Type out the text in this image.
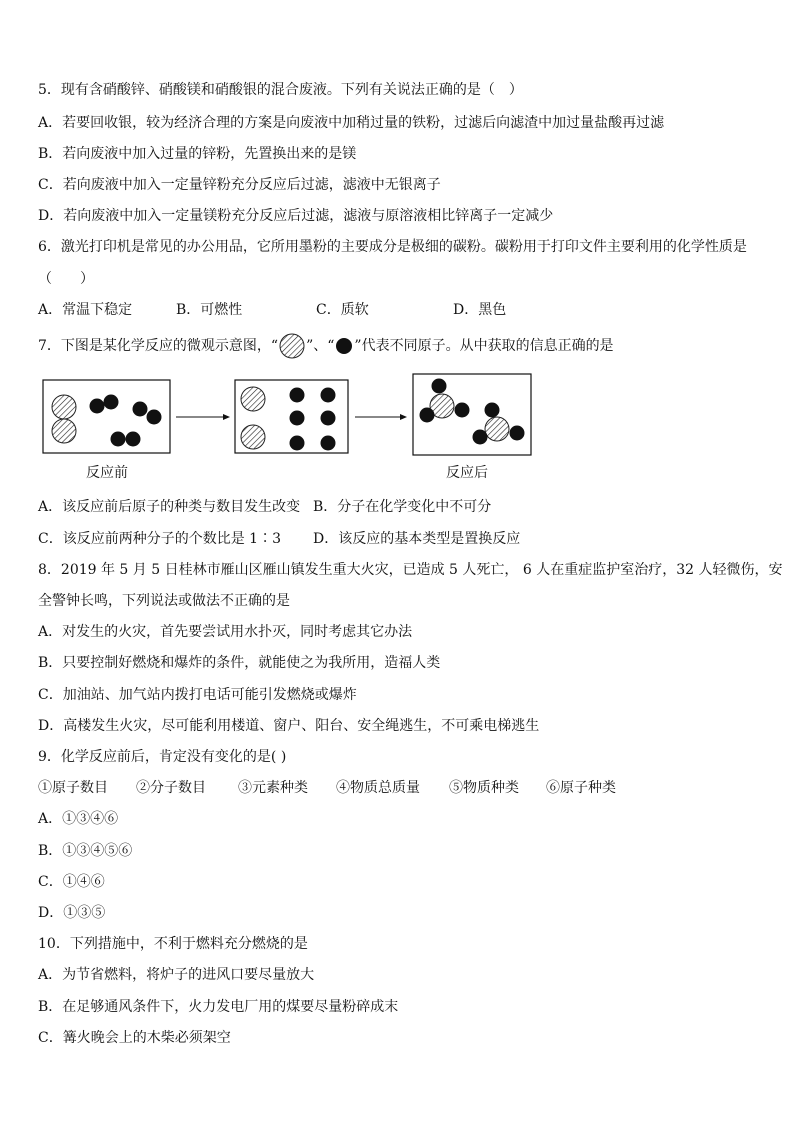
5．现有含硝酸锌、硝酸镁和硝酸银的混合废液。下列有关说法正确的是（　）
A．若要回收银，较为经济合理的方案是向废液中加稍过量的铁粉，过滤后向滤渣中加过量盐酸再过滤
B．若向废液中加入过量的锌粉，先置换出来的是镁
C．若向废液中加入一定量锌粉充分反应后过滤，滤液中无银离子
D．若向废液中加入一定量镁粉充分反应后过滤，滤液与原溶液相比锌离子一定减少
6．激光打印机是常见的办公用品，它所用墨粉的主要成分是极细的碳粉。碳粉用于打印文件主要利用的化学性质是
（　　）
A．常温下稳定	B．可燃性	C．质软	D．黑色
7．下图是某化学反应的微观示意图，“ ”、“ ”代表不同原子。从中获取的信息正确的是
反应前	反应后
A．该反应前后原子的种类与数目发生改变 B．分子在化学变化中不可分
C．该反应前两种分子的个数比是 1∶3 D．该反应的基本类型是置换反应
8．2019 年 5 月 5 日桂林市雁山区雁山镇发生重大火灾，已造成 5 人死亡， 6 人在重症监护室治疗，32 人轻微伤，安
全警钟长鸣，下列说法或做法不正确的是
A．对发生的火灾，首先要尝试用水扑灭，同时考虑其它办法
B．只要控制好燃烧和爆炸的条件，就能使之为我所用，造福人类
C．加油站、加气站内拨打电话可能引发燃烧或爆炸
D．高楼发生火灾，尽可能利用楼道、窗户、阳台、安全绳逃生，不可乘电梯逃生
9．化学反应前后，肯定没有变化的是( )
①原子数目 ②分子数目 ③元素种类 ④物质总质量 ⑤物质种类 ⑥原子种类
A．①③④⑥
B．①③④⑤⑥
C．①④⑥
D．①③⑤
10．下列措施中，不利于燃料充分燃烧的是
A．为节省燃料，将炉子的进风口要尽量放大
B．在足够通风条件下，火力发电厂用的煤要尽量粉碎成末
C．篝火晚会上的木柴必须架空
